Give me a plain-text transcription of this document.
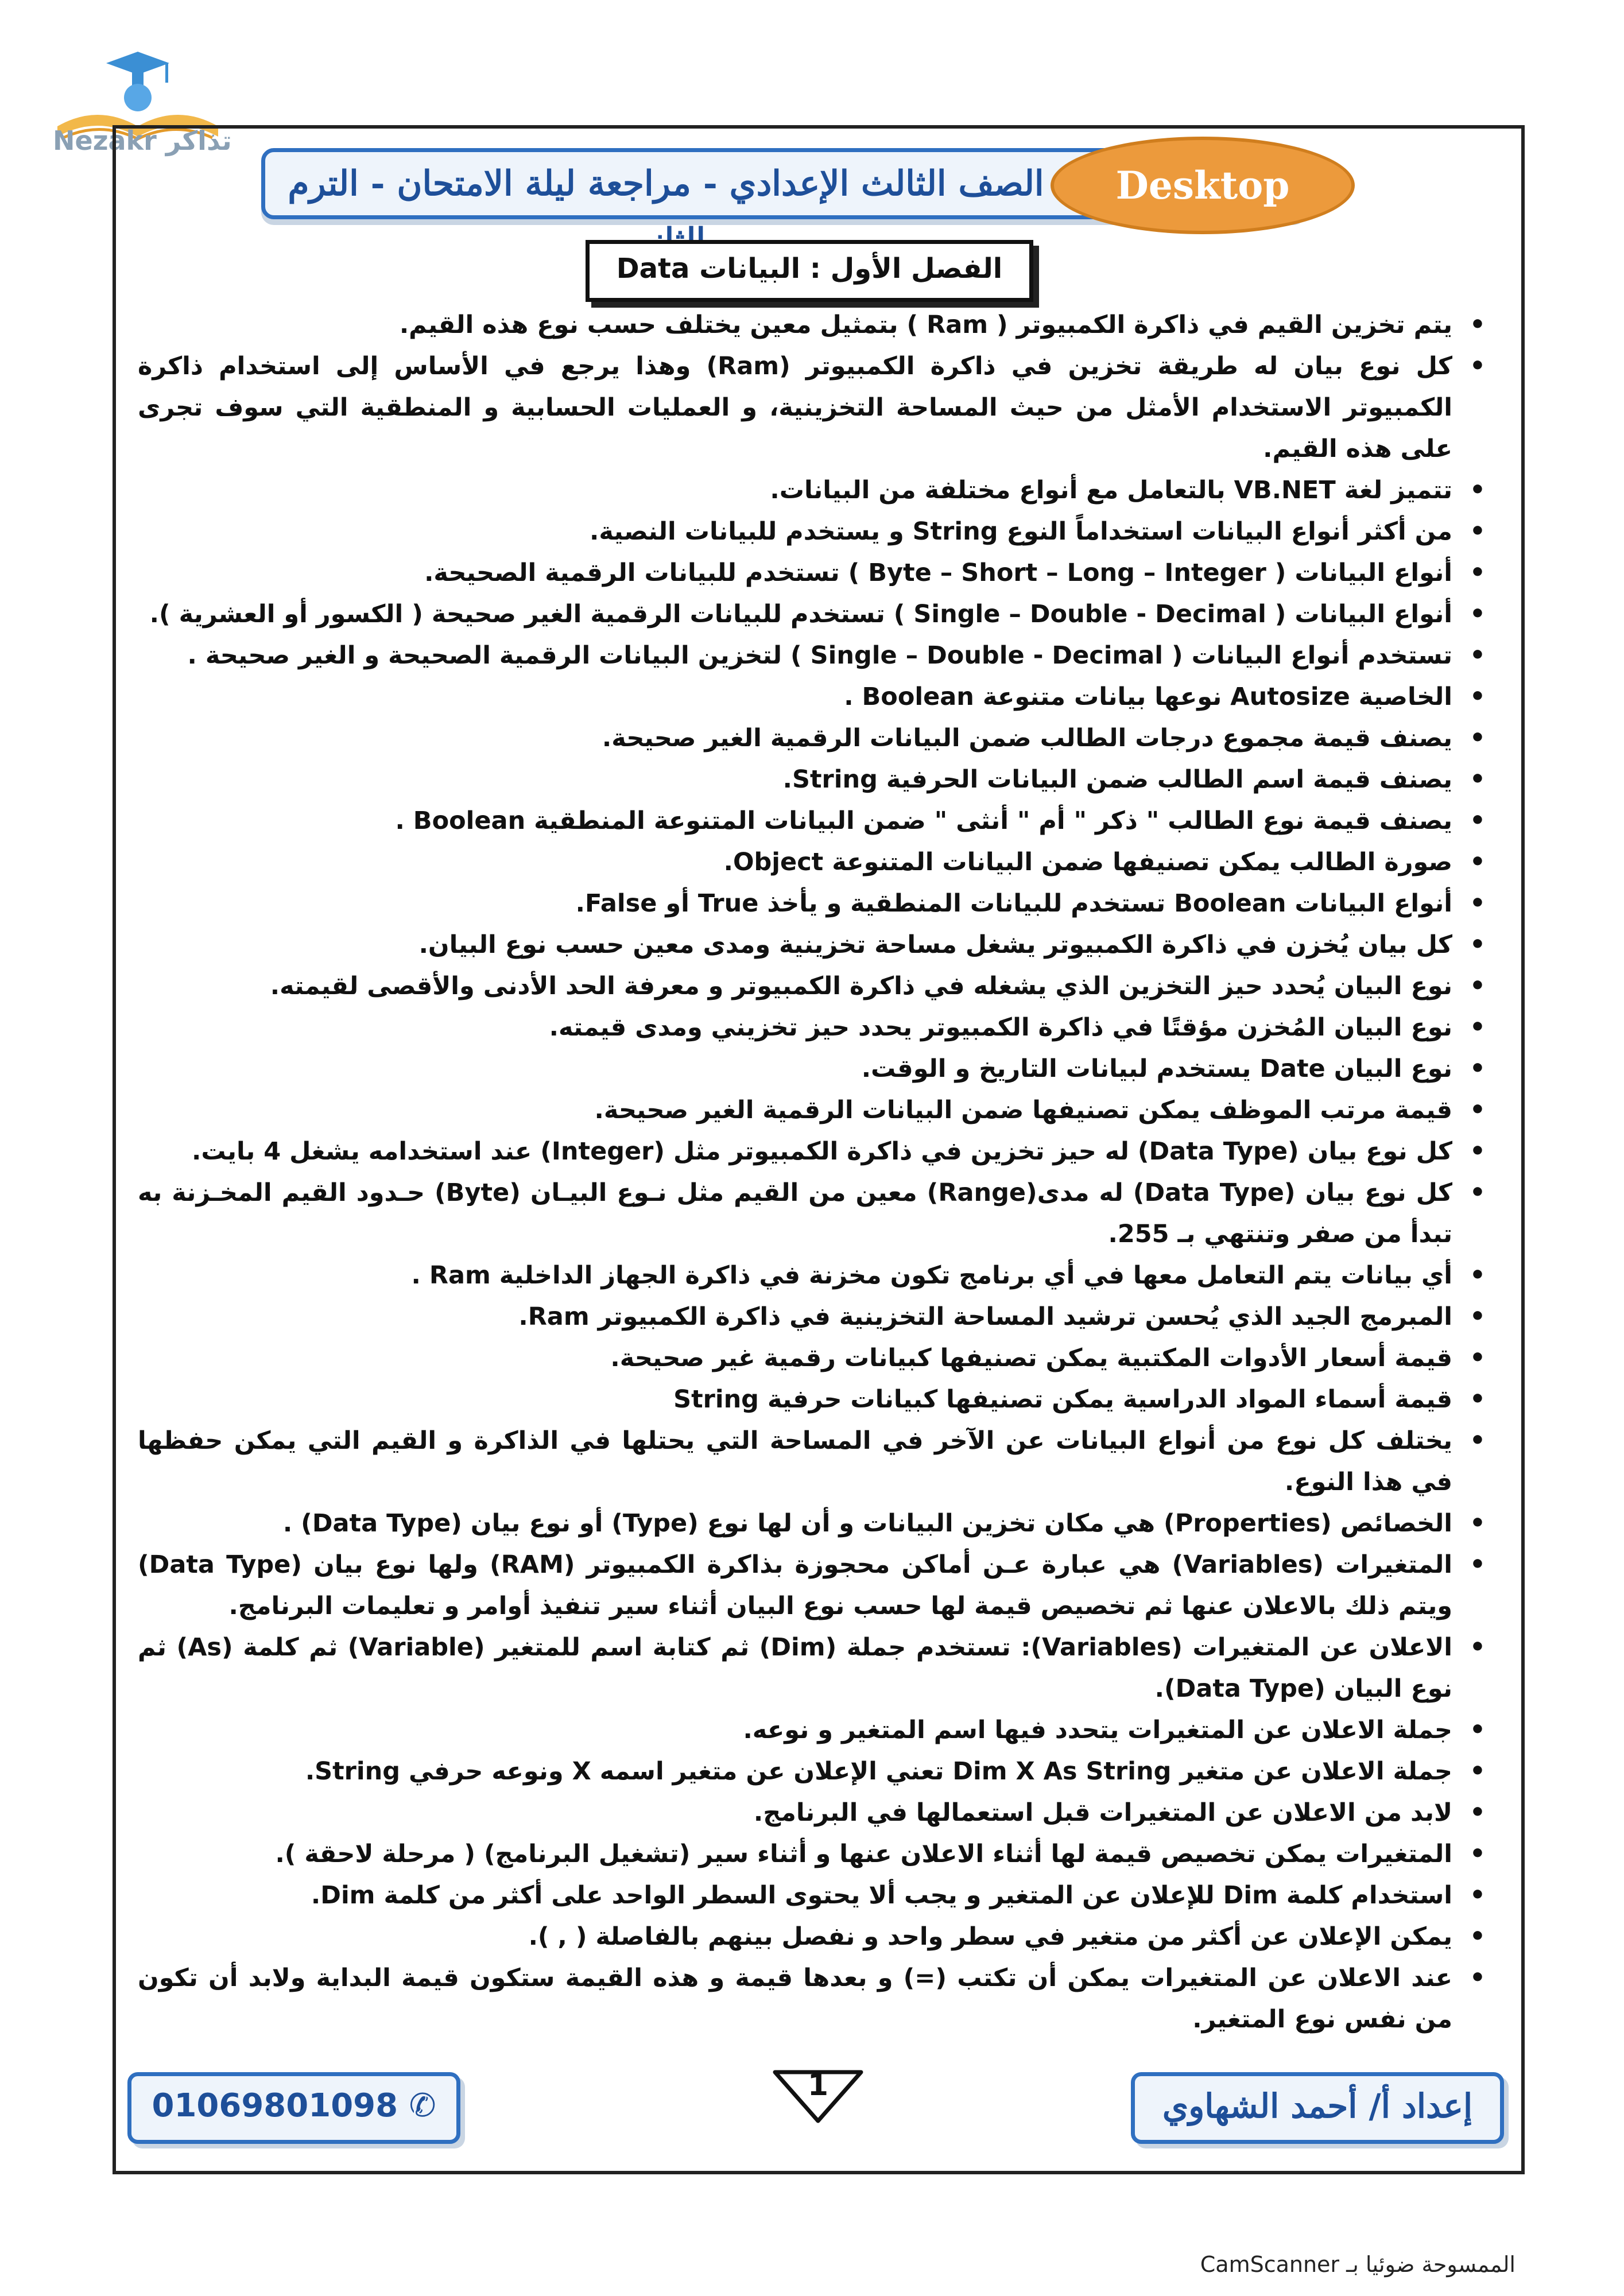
Nezakr تذاكر
الصف الثالث الإعدادي - مراجعة ليلة الامتحان - الترم	Desktop
الفصل الأول : البيانات Data
• يتم تخزين القيم في ذاكرة الكمبيوتر ( Ram ) بتمثيل معين يختلف حسب نوع هذه القيم.
• كل نوع بيان له طريقة تخزين في ذاكرة الكمبيوتر (Ram) وهذا يرجع في الأساس إلى استخدام ذاكرة الكمبيوتر الاستخدام الأمثل من حيث المساحة التخزينية، و العمليات الحسابية و المنطقية التي سوف تجرى على هذه القيم.
• تتميز لغة VB.NET بالتعامل مع أنواع مختلفة من البيانات.
• من أكثر أنواع البيانات استخداماً النوع String و يستخدم للبيانات النصية.
• أنواع البيانات ( Byte – Short – Long – Integer ) تستخدم للبيانات الرقمية الصحيحة.
• أنواع البيانات ( Single – Double - Decimal ) تستخدم للبيانات الرقمية الغير صحيحة ( الكسور أو العشرية ).
• تستخدم أنواع البيانات ( Single – Double - Decimal ) لتخزين البيانات الرقمية الصحيحة و الغير صحيحة .
• الخاصية Autosize نوعها بيانات متنوعة Boolean .
• يصنف قيمة مجموع درجات الطالب ضمن البيانات الرقمية الغير صحيحة.
• يصنف قيمة اسم الطالب ضمن البيانات الحرفية String.
• يصنف قيمة نوع الطالب " ذكر " أم " أنثى " ضمن البيانات المتنوعة المنطقية Boolean .
• صورة الطالب يمكن تصنيفها ضمن البيانات المتنوعة Object.
• أنواع البيانات Boolean تستخدم للبيانات المنطقية و يأخذ True أو False.
• كل بيان يُخزن في ذاكرة الكمبيوتر يشغل مساحة تخزينية ومدى معين حسب نوع البيان.
• نوع البيان يُحدد حيز التخزين الذي يشغله في ذاكرة الكمبيوتر و معرفة الحد الأدنى والأقصى لقيمته.
• نوع البيان المُخزن مؤقتًا في ذاكرة الكمبيوتر يحدد حيز تخزيني ومدى قيمته.
• نوع البيان Date يستخدم لبيانات التاريخ و الوقت.
• قيمة مرتب الموظف يمكن تصنيفها ضمن البيانات الرقمية الغير صحيحة.
• كل نوع بيان (Data Type) له حيز تخزين في ذاكرة الكمبيوتر مثل (Integer) عند استخدامه يشغل 4 بايت.
• كل نوع بيان (Data Type) له مدى(Range) معين من القيم مثل نـوع البيـان (Byte) حـدود القيم المخـزنة به تبدأ من صفر وتنتهي بـ 255.
• أي بيانات يتم التعامل معها في أي برنامج تكون مخزنة في ذاكرة الجهاز الداخلية Ram .
• المبرمج الجيد الذي يُحسن ترشيد المساحة التخزينية في ذاكرة الكمبيوتر Ram.
• قيمة أسعار الأدوات المكتبية يمكن تصنيفها كبيانات رقمية غير صحيحة.
• قيمة أسماء المواد الدراسية يمكن تصنيفها كبيانات حرفية String
• يختلف كل نوع من أنواع البيانات عن الآخر في المساحة التي يحتلها في الذاكرة و القيم التي يمكن حفظها في هذا النوع.
• الخصائص (Properties) هي مكان تخزين البيانات و أن لها نوع (Type) أو نوع بيان (Data Type) .
• المتغيرات (Variables) هي عبارة عـن أماكن محجوزة بذاكرة الكمبيوتر (RAM) ولها نوع بيان (Data Type) ويتم ذلك بالاعلان عنها ثم تخصيص قيمة لها حسب نوع البيان أثناء سير تنفيذ أوامر و تعليمات البرنامج.
• الاعلان عن المتغيرات (Variables): تستخدم جملة (Dim) ثم كتابة اسم للمتغير (Variable) ثم كلمة (As) ثم نوع البيان (Data Type).
• جملة الاعلان عن المتغيرات يتحدد فيها اسم المتغير و نوعه.
• جملة الاعلان عن متغير Dim X As String تعني الإعلان عن متغير اسمه X ونوعه حرفي String.
• لابد من الاعلان عن المتغيرات قبل استعمالها في البرنامج.
• المتغيرات يمكن تخصيص قيمة لها أثناء الاعلان عنها و أثناء سير (تشغيل البرنامج) ( مرحلة لاحقة ).
• استخدام كلمة Dim للإعلان عن المتغير و يجب ألا يحتوى السطر الواحد على أكثر من كلمة Dim.
• يمكن الإعلان عن أكثر من متغير في سطر واحد و نفصل بينهم بالفاصلة ( , ).
• عند الاعلان عن المتغيرات يمكن أن تكتب (=) و بعدها قيمة و هذه القيمة ستكون قيمة البداية ولابد أن تكون من نفس نوع المتغير.
01069801098 ✆
1
إعداد أ/ أحمد الشهاوي
الممسوحة ضوئيا بـ CamScanner
